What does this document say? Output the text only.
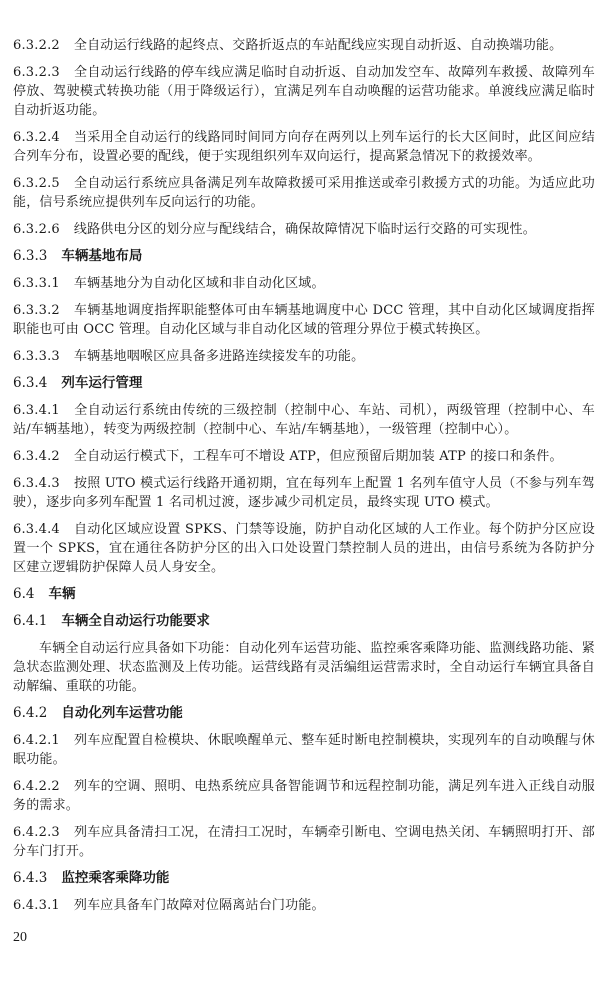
6.3.2.2 全自动运行线路的起终点、交路折返点的车站配线应实现自动折返、自动换端功能。
6.3.2.3 全自动运行线路的停车线应满足临时自动折返、自动加发空车、故障列车救援、故障列车停放、驾驶模式转换功能（用于降级运行），宜满足列车自动唤醒的运营功能求。单渡线应满足临时自动折返功能。
6.3.2.4 当采用全自动运行的线路同时间同方向存在两列以上列车运行的长大区间时，此区间应结合列车分布，设置必要的配线，便于实现组织列车双向运行，提高紧急情况下的救援效率。
6.3.2.5 全自动运行系统应具备满足列车故障救援可采用推送或牵引救援方式的功能。为适应此功能，信号系统应提供列车反向运行的功能。
6.3.2.6 线路供电分区的划分应与配线结合，确保故障情况下临时运行交路的可实现性。
6.3.3 车辆基地布局
6.3.3.1 车辆基地分为自动化区域和非自动化区域。
6.3.3.2 车辆基地调度指挥职能整体可由车辆基地调度中心 DCC 管理，其中自动化区域调度指挥职能也可由 OCC 管理。自动化区域与非自动化区域的管理分界位于模式转换区。
6.3.3.3 车辆基地咽喉区应具备多进路连续接发车的功能。
6.3.4 列车运行管理
6.3.4.1 全自动运行系统由传统的三级控制（控制中心、车站、司机），两级管理（控制中心、车站/车辆基地），转变为两级控制（控制中心、车站/车辆基地），一级管理（控制中心）。
6.3.4.2 全自动运行模式下，工程车可不增设 ATP，但应预留后期加装 ATP 的接口和条件。
6.3.4.3 按照 UTO 模式运行线路开通初期，宜在每列车上配置 1 名列车值守人员（不参与列车驾驶），逐步向多列车配置 1 名司机过渡，逐步减少司机定员，最终实现 UTO 模式。
6.3.4.4 自动化区域应设置 SPKS、门禁等设施，防护自动化区域的人工作业。每个防护分区应设置一个 SPKS，宜在通往各防护分区的出入口处设置门禁控制人员的进出，由信号系统为各防护分区建立逻辑防护保障人员人身安全。
6.4 车辆
6.4.1 车辆全自动运行功能要求
车辆全自动运行应具备如下功能：自动化列车运营功能、监控乘客乘降功能、监测线路功能、紧急状态监测处理、状态监测及上传功能。运营线路有灵活编组运营需求时，全自动运行车辆宜具备自动解编、重联的功能。
6.4.2 自动化列车运营功能
6.4.2.1 列车应配置自检模块、休眠唤醒单元、整车延时断电控制模块，实现列车的自动唤醒与休眠功能。
6.4.2.2 列车的空调、照明、电热系统应具备智能调节和远程控制功能，满足列车进入正线自动服务的需求。
6.4.2.3 列车应具备清扫工况，在清扫工况时，车辆牵引断电、空调电热关闭、车辆照明打开、部分车门打开。
6.4.3 监控乘客乘降功能
6.4.3.1 列车应具备车门故障对位隔离站台门功能。
20
